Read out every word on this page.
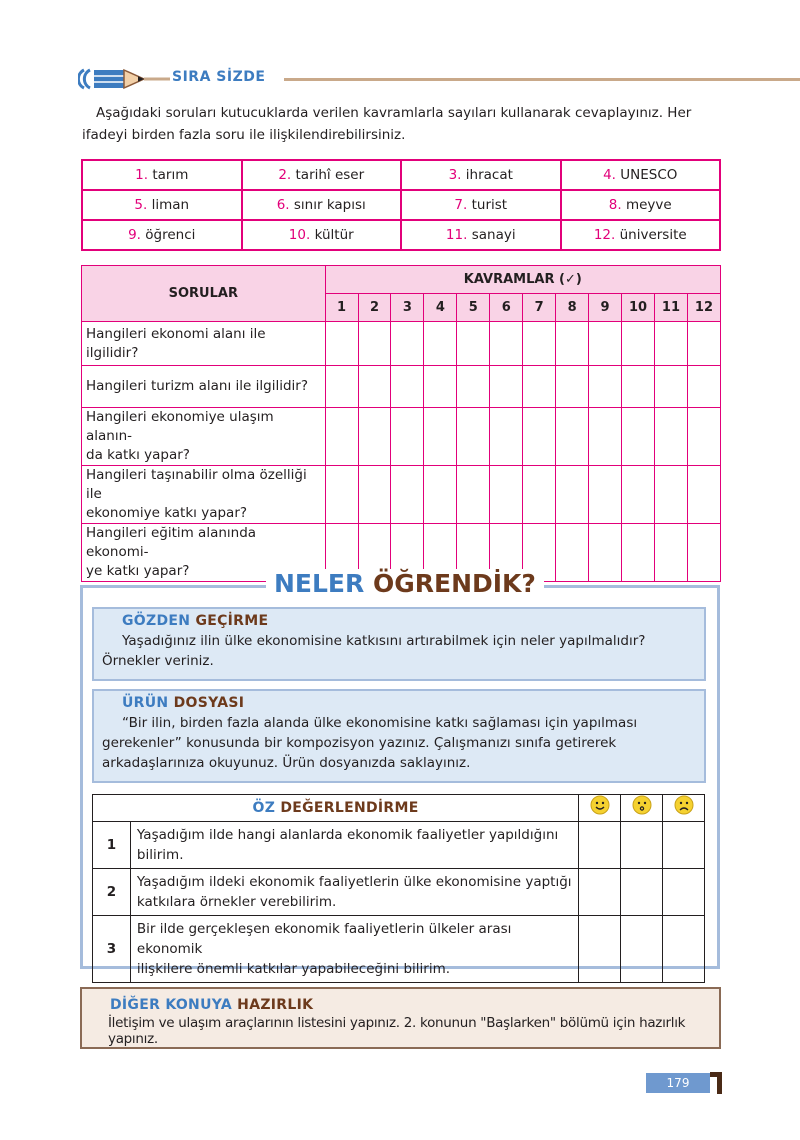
SIRA SİZDE
Aşağıdaki soruları kutucuklarda verilen kavramlarla sayıları kullanarak cevaplayınız. Her ifadeyi birden fazla soru ile ilişkilendirebilirsiniz.
1. tarım	2. tarihî eser	3. ihracat	4. UNESCO
5. liman	6. sınır kapısı	7. turist	8. meyve
9. öğrenci	10. kültür	11. sanayi	12. üniversite
SORULAR	KAVRAMLAR (✓)											
	1	2	3	4	5	6	7	8	9	10	11	12

Hangileri ekonomi alanı ile ilgilidir?												

Hangileri turizm alanı ile ilgilidir?												

Hangileri ekonomiye ulaşım alanın-
da katkı yapar?												

Hangileri taşınabilir olma özelliği ile
ekonomiye katkı yapar?												

Hangileri eğitim alanında ekonomi-
ye katkı yapar?												
													NELER ÖĞRENDİK?
GÖZDEN GEÇİRME
Yaşadığınız ilin ülke ekonomisine katkısını artırabilmek için neler yapılmalıdır? Örnekler veriniz.
ÜRÜN DOSYASI
“Bir ilin, birden fazla alanda ülke ekonomisine katkı sağlaması için yapılması gerekenler” konusunda bir kompozisyon yazınız. Çalışmanızı sınıfa getirerek arkadaşlarınıza okuyunuz. Ürün dosyanızda saklayınız.
ÖZ DEĞERLENDİRME			
1	Yaşadığım ilde hangi alanlarda ekonomik faaliyetler yapıldığını
bilirim.			

2	Yaşadığım ildeki ekonomik faaliyetlerin ülke ekonomisine yaptığı
katkılara örnekler verebilirim.			

3	Bir ilde gerçekleşen ekonomik faaliyetlerin ülkeler arası ekonomik
ilişkilere önemli katkılar yapabileceğini bilirim.			

DİĞER KONUYA HAZIRLIK
İletişim ve ulaşım araçlarının listesini yapınız. 2. konunun "Başlarken" bölümü için hazırlık yapınız.
179
